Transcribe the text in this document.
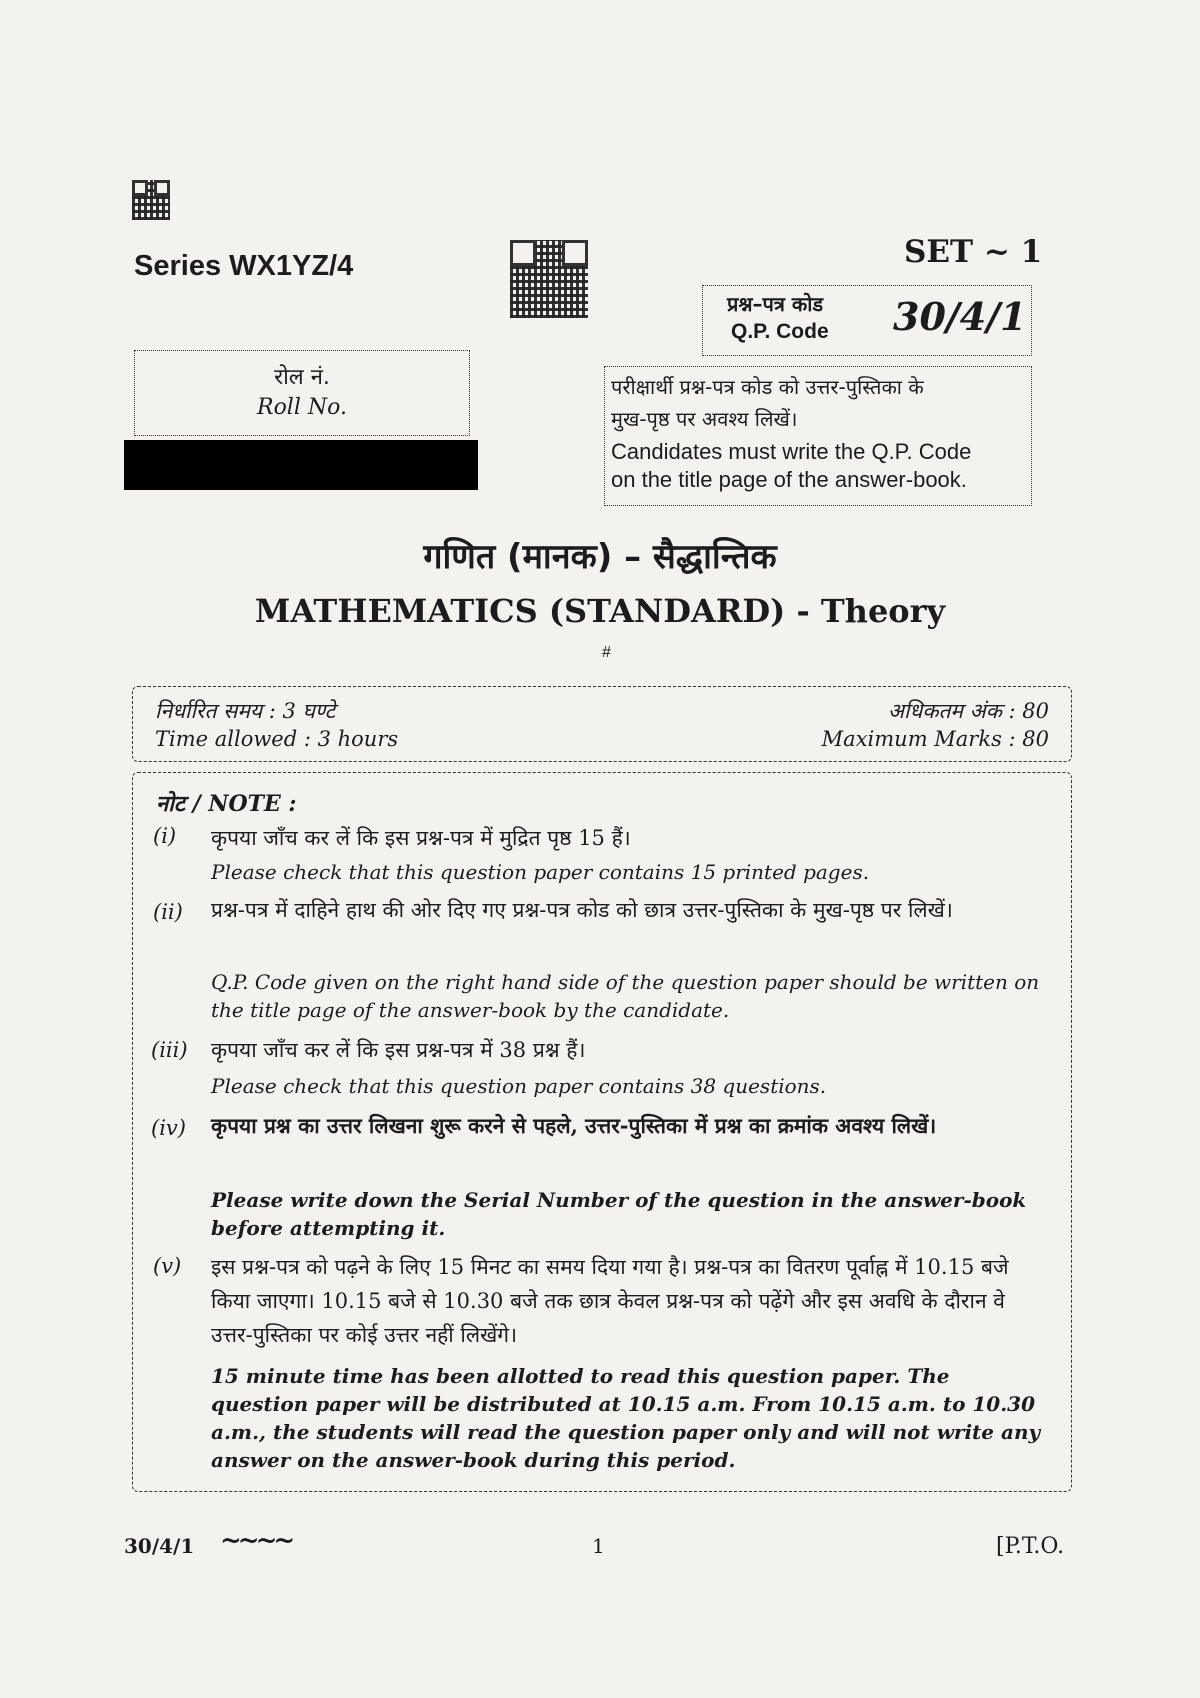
Series WX1YZ/4	SET ~ 1
प्रश्न–पत्र कोड
Q.P. Code 30/4/1
रोल नं.
Roll No.
परीक्षार्थी प्रश्न-पत्र कोड को उत्तर-पुस्तिका के
मुख-पृष्ठ पर अवश्य लिखें।
Candidates must write the Q.P. Code
on the title page of the answer-book.
गणित (मानक) – सैद्धान्तिक
MATHEMATICS (STANDARD) - Theory
#
निर्धारित समय : 3 घण्टे
Time allowed : 3 hours
अधिकतम अंक : 80
Maximum Marks : 80
नोट / NOTE :
(i) कृपया जाँच कर लें कि इस प्रश्न-पत्र में मुद्रित पृष्ठ 15 हैं।
Please check that this question paper contains 15 printed pages.
(ii) प्रश्न-पत्र में दाहिने हाथ की ओर दिए गए प्रश्न-पत्र कोड को छात्र उत्तर-पुस्तिका के मुख-पृष्ठ पर लिखें।
Q.P. Code given on the right hand side of the question paper should be written on the title page of the answer-book by the candidate.
(iii) कृपया जाँच कर लें कि इस प्रश्न-पत्र में 38 प्रश्न हैं।
Please check that this question paper contains 38 questions.
(iv) कृपया प्रश्न का उत्तर लिखना शुरू करने से पहले, उत्तर-पुस्तिका में प्रश्न का क्रमांक अवश्य लिखें।
Please write down the Serial Number of the question in the answer-book before attempting it.
(v) इस प्रश्न-पत्र को पढ़ने के लिए 15 मिनट का समय दिया गया है। प्रश्न-पत्र का वितरण पूर्वाह्न में 10.15 बजे किया जाएगा। 10.15 बजे से 10.30 बजे तक छात्र केवल प्रश्न-पत्र को पढ़ेंगे और इस अवधि के दौरान वे उत्तर-पुस्तिका पर कोई उत्तर नहीं लिखेंगे।
15 minute time has been allotted to read this question paper. The question paper will be distributed at 10.15 a.m. From 10.15 a.m. to 10.30 a.m., the students will read the question paper only and will not write any answer on the answer-book during this period.
30/4/1 ~~~~	1	[P.T.O.
